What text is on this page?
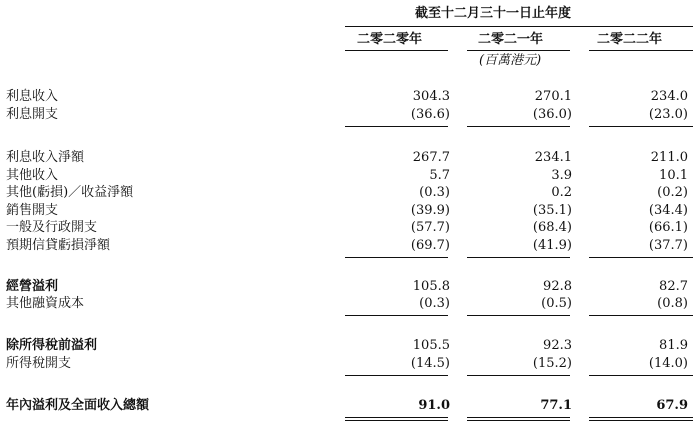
截至十二月三十一日止年度
二零二零年	二零二一年	二零二二年
(百萬港元)
利息收入	304.3	270.1	234.0
利息開支	(36.6)	(36.0)	(23.0)
利息收入淨額	267.7	234.1	211.0
其他收入	5.7	3.9	10.1
其他(虧損)／收益淨額	(0.3)	0.2	(0.2)
銷售開支	(39.9)	(35.1)	(34.4)
一般及行政開支	(57.7)	(68.4)	(66.1)
預期信貸虧損淨額	(69.7)	(41.9)	(37.7)
經營溢利	105.8	92.8	82.7
其他融資成本	(0.3)	(0.5)	(0.8)
除所得稅前溢利	105.5	92.3	81.9
所得稅開支	(14.5)	(15.2)	(14.0)
年內溢利及全面收入總額	91.0	77.1	67.9
